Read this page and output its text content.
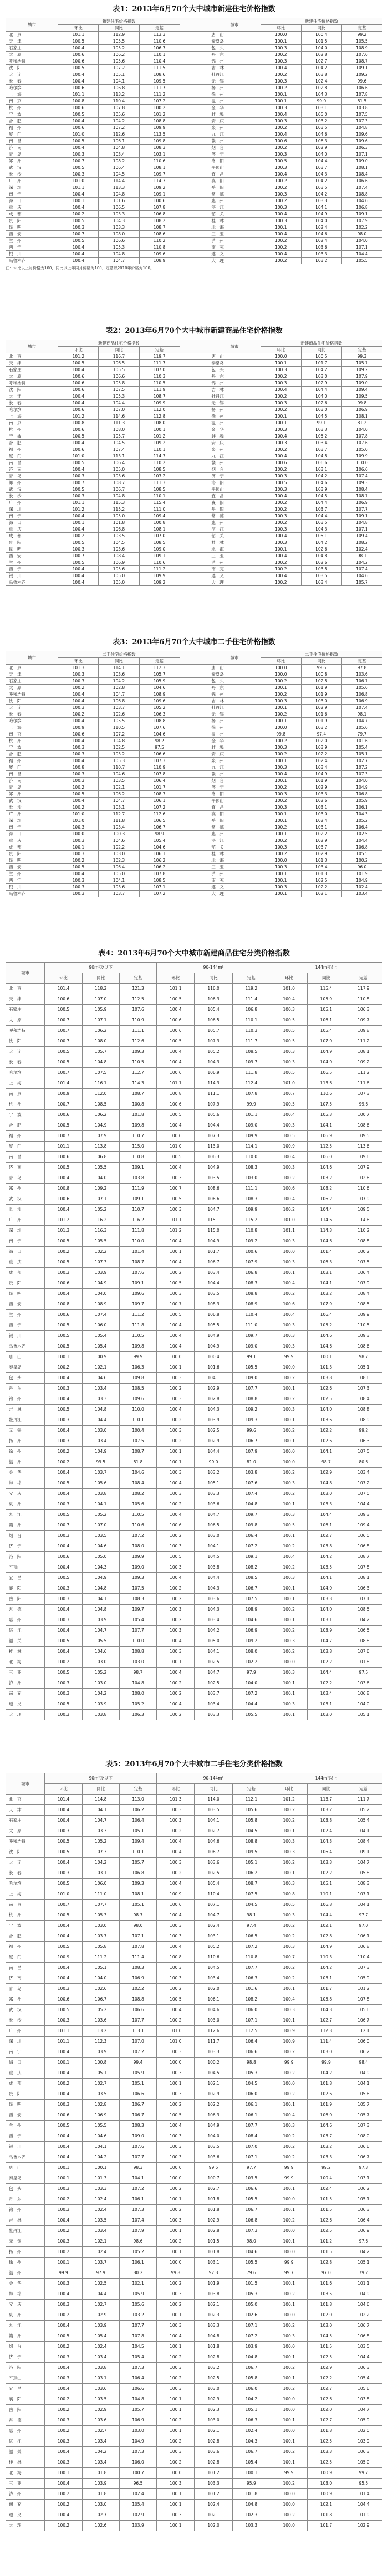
表1：2013年6月70个大中城市新建住宅价格指数
城市	新建住宅价格指数				城市	新建住宅价格指数		
	环比	同比	定基			环比	同比	定基
北　京	101.1	112.9	113.3		唐　山	100.0	100.4	99.2
天　津	100.5	105.5	110.6		秦皇岛	100.1	101.5	105.5
石家庄	100.4	105.2	106.7		包　头	100.3	104.0	108.9
太　原	100.6	106.2	110.1		丹　东	100.2	102.8	107.6
呼和浩特	100.6	105.6	110.4		锦　州	100.3	102.7	108.7
沈　阳	100.5	107.2	111.5		吉　林	100.4	104.2	109.1
大　连	100.4	105.1	108.6		牡丹江	100.2	103.8	109.2
长　春	100.4	104.1	109.5		无　锡	100.3	102.4	99.6
哈尔滨	100.6	106.8	111.7		扬　州	100.2	102.8	106.6
上　海	101.1	113.2	111.2		徐　州	100.1	104.3	107.8
南　京	100.8	110.4	107.2		温　州	100.1	99.0	81.5
杭　州	100.6	107.8	100.2		金　华	100.3	103.1	103.8
宁　波	100.5	105.6	101.2		蚌　埠	100.4	105.0	107.5
合　肥	100.4	104.2	108.8		安　庆	100.3	103.2	107.3
福　州	100.6	107.2	109.9		泉　州	100.2	103.5	104.8
厦　门	101.0	112.6	113.5		九　江	100.4	104.6	109.6
南　昌	100.5	106.1	109.8		赣　州	100.6	106.3	109.6
济　南	100.4	104.8	108.3		烟　台	100.2	102.9	106.3
青　岛	100.3	103.4	103.1		济　宁	100.3	104.0	107.1
郑　州	100.7	108.2	110.6		洛　阳	100.5	104.4	109.0
武　汉	100.5	106.4	108.1		平顶山	100.3	103.7	108.1
长　沙	100.3	104.5	109.7		宜　昌	100.4	104.3	108.4
广　州	101.0	114.4	114.3		襄　阳	100.2	104.2	106.6
深　圳	101.1	113.3	109.2		岳　阳	100.2	103.5	107.4
南　宁	100.4	104.8	109.1		常　德	100.3	104.2	108.8
海　口	100.1	101.6	100.6		惠　州	100.2	103.3	104.6
重　庆	100.4	106.5	107.8		湛　江	100.3	104.1	106.8
成　都	100.2	103.3	106.8		韶　关	100.4	104.9	109.1
贵　阳	100.5	104.3	108.2		桂　林	100.3	104.0	107.9
昆　明	100.3	103.3	108.7		北　海	100.1	102.4	102.2
西　安	100.7	108.0	108.6		三　亚	100.4	104.6	98.0
兰　州	100.5	106.6	110.2		泸　州	100.2	102.4	104.0
西　宁	100.4	105.3	110.8		南　充	100.2	103.6	107.1
银　川	100.4	104.8	109.6		遵　义	100.4	103.3	104.4
乌鲁木齐	100.4	104.7	108.9		大　理	100.2	103.2	105.5
注：环比以上月价格为100，同比以上年同月价格为100，定基以2010年价格为100。
表2：2013年6月70个大中城市新建商品住宅价格指数
城市	新建商品住宅价格指数				城市	新建商品住宅价格指数		
	环比	同比	定基			环比	同比	定基
北　京	101.2	116.7	119.7		唐　山	100.0	100.5	99.3
天　津	100.5	106.5	111.7		秦皇岛	100.1	101.7	105.7
石家庄	100.4	105.5	107.0		包　头	100.3	104.2	109.2
太　原	100.6	106.6	110.3		丹　东	100.2	103.0	107.9
呼和浩特	100.6	105.8	110.5		锦　州	100.3	102.9	109.0
沈　阳	100.6	107.5	111.9		吉　林	100.4	104.4	109.4
大　连	100.4	105.3	108.7		牡丹江	100.2	104.0	109.5
长　春	100.4	104.4	109.9		无　锡	100.3	102.6	99.8
哈尔滨	100.6	107.0	112.0		扬　州	100.2	103.0	106.9
上　海	101.2	114.6	112.8		徐　州	100.1	104.5	108.1
南　京	100.8	111.3	108.0		温　州	100.1	99.1	81.2
杭　州	100.6	108.0	100.1		金　华	100.3	103.3	104.0
宁　波	100.5	105.7	101.2		蚌　埠	100.4	105.2	107.8
合　肥	100.4	104.5	109.2		安　庆	100.3	103.4	107.6
福　州	100.6	107.4	110.1		泉　州	100.2	103.7	105.0
厦　门	101.0	113.1	114.3		九　江	100.4	104.8	109.9
南　昌	100.5	106.4	110.2		赣　州	100.6	106.6	110.0
济　南	100.4	105.0	108.5		烟　台	100.2	103.1	106.6
青　岛	100.3	103.6	103.2		济　宁	100.3	104.2	107.4
郑　州	100.7	108.7	111.3		洛　阳	100.5	104.6	109.3
武　汉	100.5	106.7	108.5		平顶山	100.3	103.9	108.4
长　沙	100.3	104.8	110.1		宜　昌	100.4	104.5	108.7
广　州	101.1	115.3	115.4		襄　阳	100.2	104.4	106.9
深　圳	101.2	115.2	111.0		岳　阳	100.2	103.7	107.7
南　宁	100.4	105.0	109.4		常　德	100.3	104.4	109.1
海　口	100.1	101.8	100.8		惠　州	100.2	103.5	104.8
重　庆	100.4	106.8	108.1		湛　江	100.3	104.3	107.1
成　都	100.2	103.5	107.0		韶　关	100.4	105.1	109.4
贵　阳	100.5	104.5	108.5		桂　林	100.3	104.2	108.2
昆　明	100.3	103.6	109.0		北　海	100.1	102.6	102.4
西　安	100.7	108.4	109.1		三　亚	100.4	104.8	98.1
兰　州	100.5	106.9	110.6		泸　州	100.2	102.6	104.2
西　宁	100.4	105.6	111.2		南　充	100.2	103.8	107.4
银　川	100.4	105.0	109.9		遵　义	100.4	103.5	104.6
乌鲁木齐	100.4	105.0	109.2		大　理	100.2	103.4	105.7
表3：2013年6月70个大中城市二手住宅价格指数
城市	二手住宅价格指数				城市	二手住宅价格指数		
	环比	同比	定基			环比	同比	定基
北　京	101.3	114.1	112.3		唐　山	100.0	99.6	97.8
天　津	100.3	103.6	105.7		秦皇岛	100.0	100.8	103.6
石家庄	100.3	104.2	105.9		包　头	100.2	102.8	106.7
太　原	100.2	102.8	104.6		丹　东	100.1	101.9	105.6
呼和浩特	100.4	104.7	108.9		锦　州	100.2	101.9	106.8
沈　阳	100.4	106.8	109.6		吉　林	100.3	103.0	106.9
大　连	100.3	103.7	105.2		牡丹江	100.1	102.9	107.4
长　春	100.2	102.6	106.3		无　锡	100.2	101.6	98.1
哈尔滨	100.4	105.5	108.8		扬　州	100.1	101.9	104.7
上　海	100.9	110.5	107.6		徐　州	100.0	103.2	105.6
南　京	100.6	107.2	104.6		温　州	99.8	97.4	79.7
杭　州	100.4	104.8	98.2		金　华	100.2	102.0	101.6
宁　波	100.3	102.5	97.5		蚌　埠	100.3	103.9	105.4
合　肥	100.3	103.2	106.6		安　庆	100.2	102.2	105.1
福　州	100.4	105.3	107.3		泉　州	100.1	102.4	102.7
厦　门	100.8	110.7	110.9		九　江	100.3	103.4	107.2
南　昌	100.3	104.6	107.8		赣　州	100.4	104.9	107.3
济　南	100.3	103.5	106.4		烟　台	100.1	101.9	104.0
青　岛	100.2	102.1	101.7		济　宁	100.2	102.9	104.9
郑　州	100.5	106.2	108.3		洛　阳	100.3	103.3	106.8
武　汉	100.4	104.7	106.1		平顶山	100.2	102.6	105.9
长　沙	100.2	103.1	107.2		宜　昌	100.3	103.1	106.1
广　州	101.0	112.7	112.6		襄　阳	100.1	103.0	104.3
深　圳	101.0	111.8	106.5		岳　阳	100.1	102.4	105.2
南　宁	100.3	103.4	106.7		常　德	100.2	103.1	106.4
海　口	100.0	100.3	98.9		惠　州	100.1	102.2	102.5
重　庆	100.3	104.6	105.4		湛　江	100.2	102.9	104.4
成　都	100.1	102.2	104.6		韶　关	100.3	103.7	106.8
贵　阳	100.3	103.0	106.1		桂　林	100.2	102.9	105.5
昆　明	100.2	102.3	106.2		北　海	100.0	101.3	100.2
西　安	100.5	106.4	106.2		三　亚	100.3	103.4	96.0
兰　州	100.4	105.0	107.8		泸　州	100.1	101.3	101.9
西　宁	100.3	104.1	108.5		南　充	100.1	102.5	104.9
银　川	100.3	103.6	107.1		遵　义	100.3	102.2	102.4
乌鲁木齐	100.3	103.7	107.2		大　理	100.1	102.1	103.4
表4：2013年6月70个大中城市新建商品住宅分类价格指数
城市	90m²及以下			90-144m²			144m²以上		
	环比	同比	定基	环比	同比	定基	环比	同比	定基
北　京	101.4	118.2	121.3	101.1	116.0	119.2	101.0	115.4	117.9
天　津	100.6	107.0	112.5	100.5	106.3	111.4	100.4	105.9	110.8
石家庄	100.5	105.9	107.6	100.4	105.4	106.8	100.3	105.1	106.3
太　原	100.7	107.1	110.9	100.6	106.5	110.1	100.5	106.1	109.7
呼和浩特	100.7	106.2	111.1	100.6	105.7	110.3	100.5	105.4	109.8
沈　阳	100.7	108.0	112.6	100.5	107.3	111.7	100.5	107.0	111.2
大　连	100.5	105.7	109.3	100.4	105.2	108.5	100.3	104.9	108.1
长　春	100.5	104.8	110.5	100.4	104.3	109.7	100.3	104.0	109.2
哈尔滨	100.7	107.5	112.7	100.6	106.9	111.8	100.5	106.5	111.2
上　海	101.4	116.1	114.3	101.1	114.3	112.4	101.0	113.6	111.6
南　京	100.9	112.0	108.7	100.8	111.1	107.8	100.7	110.6	107.3
杭　州	100.7	108.5	100.8	100.6	107.9	99.9	100.5	107.5	99.6
宁　波	100.6	106.2	101.8	100.5	105.6	101.1	100.4	105.3	100.7
合　肥	100.5	104.9	109.8	100.4	104.4	109.0	100.3	104.1	108.6
福　州	100.7	107.9	110.7	100.6	107.3	109.9	100.5	106.9	109.5
厦　门	101.1	113.8	115.0	101.0	113.0	114.1	100.9	112.5	113.6
南　昌	100.6	106.8	110.8	100.5	106.3	110.0	100.4	106.0	109.6
济　南	100.5	105.5	109.1	100.4	104.9	108.3	100.3	104.6	107.9
青　岛	100.4	104.0	103.8	100.3	103.5	103.0	100.2	103.2	102.6
郑　州	100.8	109.2	111.9	100.7	108.6	111.1	100.6	108.2	110.6
武　汉	100.6	107.1	109.1	100.5	106.6	108.3	100.4	106.2	107.9
长　沙	100.4	105.2	110.7	100.3	104.7	109.9	100.2	104.4	109.5
广　州	101.2	116.2	116.2	101.1	115.1	115.2	101.0	114.6	114.6
深　圳	101.3	116.3	111.8	101.2	115.0	110.8	101.1	114.3	110.2
南　宁	100.5	105.5	110.0	100.4	104.9	109.2	100.3	104.6	108.8
海　口	100.2	102.2	101.4	100.1	101.7	100.6	100.0	101.4	100.2
重　庆	100.5	107.3	108.7	100.4	106.7	107.9	100.3	106.3	107.5
成　都	100.3	103.9	107.6	100.2	103.4	106.8	100.1	103.1	106.4
贵　阳	100.6	104.9	109.1	100.5	104.4	108.3	100.4	104.1	107.9
昆　明	100.4	104.0	109.6	100.3	103.5	108.8	100.2	103.2	108.4
西　安	100.8	108.9	109.7	100.7	108.3	108.9	100.6	107.9	108.5
兰　州	100.6	107.4	111.2	100.5	106.8	110.4	100.4	106.4	109.9
西　宁	100.5	106.0	111.8	100.4	105.5	111.0	100.3	105.2	110.5
银　川	100.5	105.4	110.5	100.4	104.9	109.7	100.3	104.6	109.3
乌鲁木齐	100.5	105.4	109.8	100.4	104.9	109.0	100.3	104.6	108.6
唐　山	100.1	100.9	99.9	100.0	100.4	99.1	99.9	100.1	98.7
秦皇岛	100.2	102.1	106.3	100.1	101.6	105.5	100.0	101.3	105.1
包　头	100.4	104.6	109.8	100.3	104.1	109.0	100.2	103.8	108.6
丹　东	100.3	103.4	108.5	100.2	102.9	107.7	100.1	102.6	107.3
锦　州	100.4	103.3	109.6	100.3	102.8	108.8	100.2	102.5	108.4
吉　林	100.5	104.8	110.0	100.4	104.3	109.2	100.3	104.0	108.8
牡丹江	100.3	104.4	110.1	100.2	103.9	109.3	100.1	103.6	108.9
无　锡	100.4	103.0	100.4	100.3	102.5	99.6	100.2	102.2	99.2
扬　州	100.3	103.4	107.5	100.2	102.9	106.7	100.1	102.6	106.3
徐　州	100.2	104.9	108.7	100.1	104.4	107.9	100.0	104.1	107.5
温　州	100.2	99.5	81.8	100.1	99.0	81.0	100.0	98.7	80.6
金　华	100.4	103.7	104.6	100.3	103.2	103.8	100.2	102.9	103.4
蚌　埠	100.5	105.6	108.4	100.4	105.1	107.6	100.3	104.8	107.2
安　庆	100.4	103.8	108.2	100.3	103.3	107.4	100.2	103.0	107.0
泉　州	100.3	104.1	105.6	100.2	103.6	104.8	100.1	103.3	104.4
九　江	100.5	105.2	110.5	100.4	104.7	109.7	100.3	104.4	109.3
赣　州	100.7	107.0	110.6	100.6	106.5	109.8	100.5	106.1	109.4
烟　台	100.3	103.5	107.2	100.2	103.0	106.4	100.1	102.7	106.0
济　宁	100.4	104.6	108.0	100.3	104.1	107.2	100.2	103.8	106.8
洛　阳	100.6	105.0	109.9	100.5	104.5	109.1	100.4	104.2	108.7
平顶山	100.4	104.3	109.0	100.3	103.8	108.2	100.2	103.5	107.8
宜　昌	100.5	104.9	109.3	100.4	104.4	108.5	100.3	104.1	108.1
襄　阳	100.3	104.8	107.5	100.2	104.3	106.7	100.1	104.0	106.3
岳　阳	100.3	104.1	108.3	100.2	103.6	107.5	100.1	103.3	107.1
常　德	100.4	104.8	109.7	100.3	104.3	108.9	100.2	104.0	108.5
惠　州	100.3	103.9	105.4	100.2	103.4	104.6	100.1	103.1	104.2
湛　江	100.4	104.7	107.7	100.3	104.2	106.9	100.2	103.9	106.5
韶　关	100.5	105.5	110.0	100.4	105.0	109.2	100.3	104.7	108.8
桂　林	100.4	104.6	108.8	100.3	104.1	108.0	100.2	103.8	107.6
北　海	100.2	103.0	103.0	100.1	102.5	102.2	100.0	102.2	101.8
三　亚	100.5	105.2	98.7	100.4	104.7	97.9	100.3	104.4	97.5
泸　州	100.3	103.0	104.8	100.2	102.5	104.0	100.1	102.2	103.6
南　充	100.3	104.2	108.0	100.2	103.7	107.2	100.1	103.4	106.8
遵　义	100.5	103.9	105.2	100.4	103.4	104.4	100.3	103.1	104.0
大　理	100.3	103.8	106.3	100.2	103.3	105.5	100.1	103.0	105.1
表5：2013年6月70个大中城市二手住宅分类价格指数
城市	90m²及以下			90-144m²			144m²以上		
	环比	同比	定基	环比	同比	定基	环比	同比	定基
北　京	101.4	114.8	113.0	101.3	114.0	112.1	101.2	113.7	111.7
天　津	100.4	104.1	106.2	100.3	103.5	105.6	100.2	103.2	105.2
石家庄	100.4	104.7	106.4	100.3	104.1	105.8	100.2	103.8	105.4
太　原	100.3	103.3	105.1	100.2	102.7	104.5	100.1	102.4	104.1
呼和浩特	100.5	105.2	109.4	100.4	104.6	108.8	100.3	104.3	108.4
沈　阳	100.5	107.3	110.1	100.4	106.7	109.5	100.3	106.4	109.1
大　连	100.4	104.2	105.7	100.3	103.6	105.1	100.2	103.3	104.7
长　春	100.3	103.1	106.8	100.2	102.5	106.2	100.1	102.2	105.8
哈尔滨	100.5	106.0	109.3	100.4	105.4	108.7	100.3	105.1	108.3
上　海	101.0	111.0	108.1	100.9	110.4	107.5	100.8	110.1	107.1
南　京	100.7	107.7	105.1	100.6	107.1	104.5	100.5	106.8	104.1
杭　州	100.5	105.3	98.7	100.4	104.7	98.1	100.3	104.4	97.7
宁　波	100.4	103.0	98.0	100.3	102.4	97.4	100.2	102.1	97.0
合　肥	100.4	103.7	107.1	100.3	103.1	106.5	100.2	102.8	106.1
福　州	100.5	105.8	107.8	100.4	105.2	107.2	100.3	104.9	106.8
厦　门	100.9	111.2	111.4	100.8	110.6	110.8	100.7	110.3	110.4
南　昌	100.4	105.1	108.3	100.3	104.5	107.7	100.2	104.2	107.3
济　南	100.4	104.0	106.9	100.3	103.4	106.3	100.2	103.1	105.9
青　岛	100.3	102.6	102.2	100.2	102.0	101.6	100.1	101.7	101.2
郑　州	100.6	106.7	108.8	100.5	106.1	108.2	100.4	105.8	107.8
武　汉	100.5	105.2	106.6	100.4	104.6	106.0	100.3	104.3	105.6
长　沙	100.3	103.6	107.7	100.2	103.0	107.1	100.1	102.7	106.7
广　州	101.1	113.2	113.1	101.0	112.6	112.5	100.9	112.3	112.1
深　圳	101.1	112.3	107.0	101.0	111.7	106.4	100.9	111.4	106.0
南　宁	100.4	103.9	107.2	100.3	103.3	106.6	100.2	103.0	106.2
海　口	100.1	100.8	99.4	100.0	100.2	98.8	99.9	99.9	98.4
重　庆	100.4	105.1	105.9	100.3	104.5	105.3	100.2	104.2	104.9
成　都	100.2	102.7	105.1	100.1	102.1	104.5	100.0	101.8	104.1
贵　阳	100.4	103.5	106.6	100.3	102.9	106.0	100.2	102.6	105.6
昆　明	100.3	102.8	106.7	100.2	102.2	106.1	100.1	101.9	105.7
西　安	100.6	106.9	106.7	100.5	106.3	106.1	100.4	106.0	105.7
兰　州	100.5	105.5	108.3	100.4	104.9	107.7	100.3	104.6	107.3
西　宁	100.4	104.6	109.0	100.3	104.0	108.4	100.2	103.7	108.0
银　川	100.4	104.1	107.6	100.3	103.5	107.0	100.2	103.2	106.6
乌鲁木齐	100.4	104.2	107.7	100.3	103.6	107.1	100.2	103.3	106.7
唐　山	100.1	100.1	98.3	100.0	99.5	97.7	99.9	99.2	97.3
秦皇岛	100.1	101.3	104.1	100.0	100.7	103.5	99.9	100.4	103.1
包　头	100.3	103.3	107.2	100.2	102.7	106.6	100.1	102.4	106.2
丹　东	100.2	102.4	106.1	100.1	101.8	105.5	100.0	101.5	105.1
锦　州	100.3	102.4	107.3	100.2	101.8	106.7	100.1	101.5	106.3
吉　林	100.4	103.5	107.4	100.3	102.9	106.8	100.2	102.6	106.4
牡丹江	100.2	103.4	107.9	100.1	102.8	107.3	100.0	102.5	106.9
无　锡	100.3	102.1	98.6	100.2	101.5	98.0	100.1	101.2	97.6
扬　州	100.2	102.4	105.2	100.1	101.8	104.6	100.0	101.5	104.2
徐　州	100.1	103.7	106.1	100.0	103.1	105.5	99.9	102.8	105.1
温　州	99.9	97.9	80.2	99.8	97.3	79.6	99.7	97.0	79.2
金　华	100.3	102.5	102.1	100.2	101.9	101.5	100.1	101.6	101.1
蚌　埠	100.4	104.4	105.9	100.3	103.8	105.3	100.2	103.5	104.9
安　庆	100.3	102.7	105.6	100.2	102.1	105.0	100.1	101.8	104.6
泉　州	100.2	102.9	103.2	100.1	102.3	102.6	100.0	102.0	102.2
九　江	100.4	103.9	107.7	100.3	103.3	107.1	100.2	103.0	106.7
赣　州	100.5	105.4	107.8	100.4	104.8	107.2	100.3	104.5	106.8
烟　台	100.2	102.4	104.5	100.1	101.8	103.9	100.0	101.5	103.5
济　宁	100.3	103.4	105.4	100.2	102.8	104.8	100.1	102.5	104.4
洛　阳	100.4	103.8	107.3	100.3	103.2	106.7	100.2	102.9	106.3
平顶山	100.3	103.1	106.4	100.2	102.5	105.8	100.1	102.2	105.4
宜　昌	100.4	103.6	106.6	100.3	103.0	106.0	100.2	102.7	105.6
襄　阳	100.2	103.5	104.8	100.1	102.9	104.2	100.0	102.6	103.8
岳　阳	100.2	102.9	105.7	100.1	102.3	105.1	100.0	102.0	104.7
常　德	100.3	103.6	106.9	100.2	103.0	106.3	100.1	102.7	105.9
惠　州	100.2	102.7	103.0	100.1	102.1	102.4	100.0	101.8	102.0
湛　江	100.3	103.4	104.9	100.2	102.8	104.3	100.1	102.5	103.9
韶　关	100.4	104.2	107.3	100.3	103.6	106.7	100.2	103.3	106.3
桂　林	100.3	103.4	106.0	100.2	102.8	105.4	100.1	102.5	105.0
北　海	100.1	101.8	100.7	100.0	101.2	100.1	99.9	100.9	99.7
三　亚	100.4	103.9	96.5	100.3	103.3	95.9	100.2	103.0	95.5
泸　州	100.2	101.8	102.4	100.1	101.2	101.8	100.0	100.9	101.4
南　充	100.2	103.0	105.4	100.1	102.4	104.8	100.0	102.1	104.4
遵　义	100.4	102.7	102.9	100.3	102.1	102.3	100.2	101.8	101.9
大　理	100.2	102.6	103.9	100.1	102.0	103.3	100.0	101.7	102.9
